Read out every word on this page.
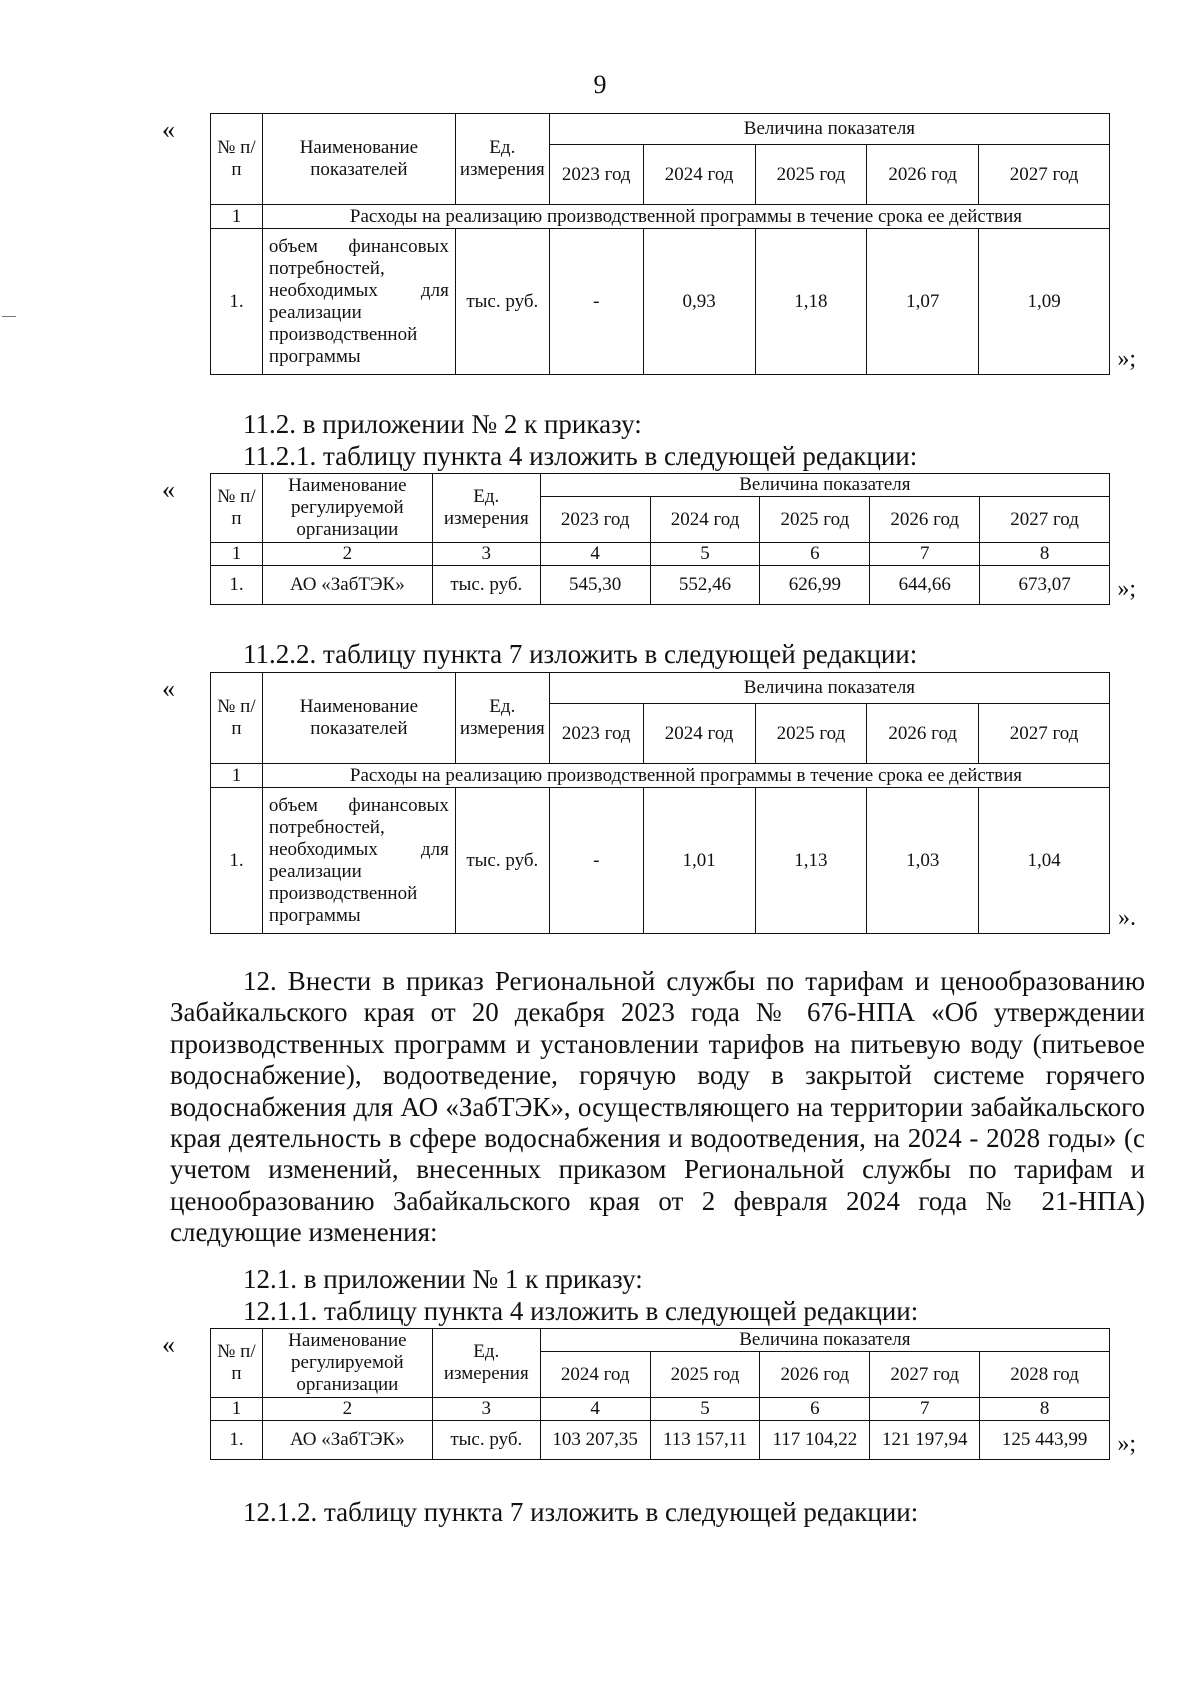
9
«
№ п/п	Наименование показателей	Ед. измерения	Величина показателя				
			2023 год	2024 год	2025 год	2026 год	2027 год
1	Расходы на реализацию производственной программы в течение срока ее действия						
1.	объем финансовых потребностей, необходимых для реализации производственной программы	тыс. руб.	-	0,93	1,18	1,07	1,09
»;
11.2. в приложении № 2 к приказу:
11.2.1. таблицу пункта 4 изложить в следующей редакции:
« № п/п	Наименование регулируемой организации	Ед. измерения	Величина показателя				
			2023 год	2024 год	2025 год	2026 год	2027 год
1	2	3	4	5	6	7	8
1.	АО «ЗабТЭК»	тыс. руб.	545,30	552,46	626,99	644,66	673,07 »;
11.2.2. таблицу пункта 7 изложить в следующей редакции:
«
№ п/п	Наименование показателей	Ед. измерения	Величина показателя				
			2023 год	2024 год	2025 год	2026 год	2027 год
1	Расходы на реализацию производственной программы в течение срока ее действия						
1.	объем финансовых потребностей, необходимых для реализации производственной программы	тыс. руб.	-	1,01	1,13	1,03	1,04
».
12. Внести в приказ Региональной службы по тарифам и ценообразованию Забайкальского края от 20 декабря 2023 года № 676-НПА «Об утверждении производственных программ и установлении тарифов на питьевую воду (питьевое водоснабжение), водоотведение, горячую воду в закрытой системе горячего водоснабжения для АО «ЗабТЭК», осуществляющего на территории забайкальского края деятельность в сфере водоснабжения и водоотведения, на 2024 - 2028 годы» (с учетом изменений, внесенных приказом Региональной службы по тарифам и ценообразованию Забайкальского края от 2 февраля 2024 года № 21-НПА) следующие изменения:
12.1. в приложении № 1 к приказу:
12.1.1. таблицу пункта 4 изложить в следующей редакции:
« № п/п	Наименование регулируемой организации	Ед. измерения	Величина показателя				
			2024 год	2025 год	2026 год	2027 год	2028 год
1	2	3	4	5	6	7	8
1.	АО «ЗабТЭК»	тыс. руб.	103 207,35	113 157,11	117 104,22	121 197,94	125 443,99 »;
12.1.2. таблицу пункта 7 изложить в следующей редакции:
